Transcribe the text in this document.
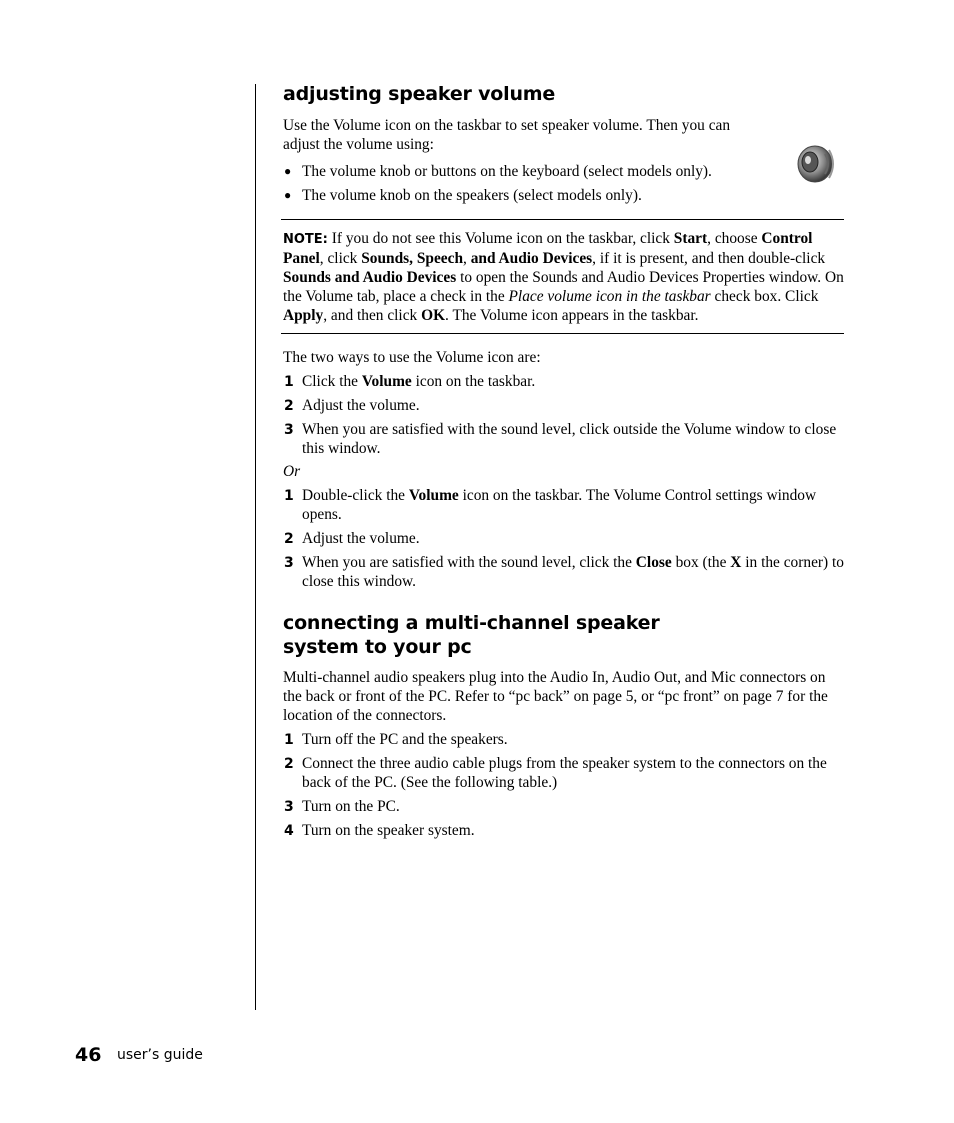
adjusting speaker volume

Use the Volume icon on the taskbar to set speaker volume. Then you can adjust the volume using:

● The volume knob or buttons on the keyboard (select models only).
● The volume knob on the speakers (select models only).

NOTE: If you do not see this Volume icon on the taskbar, click Start, choose Control Panel, click Sounds, Speech, and Audio Devices, if it is present, and then double-click Sounds and Audio Devices to open the Sounds and Audio Devices Properties window. On the Volume tab, place a check in the Place volume icon in the taskbar check box. Click Apply, and then click OK. The Volume icon appears in the taskbar.

The two ways to use the Volume icon are:

1 Click the Volume icon on the taskbar.
2 Adjust the volume.
3 When you are satisfied with the sound level, click outside the Volume window to close this window.
Or
1 Double-click the Volume icon on the taskbar. The Volume Control settings window opens.
2 Adjust the volume.
3 When you are satisfied with the sound level, click the Close box (the X in the corner) to close this window.
connecting a multi-channel speaker
system to your pc

Multi-channel audio speakers plug into the Audio In, Audio Out, and Mic connectors on the back or front of the PC. Refer to “pc back” on page 5, or “pc front” on page 7 for the location of the connectors.

1 Turn off the PC and the speakers.
2 Connect the three audio cable plugs from the speaker system to the connectors on the back of the PC. (See the following table.)
3 Turn on the PC.
4 Turn on the speaker system.
46 user’s guide
